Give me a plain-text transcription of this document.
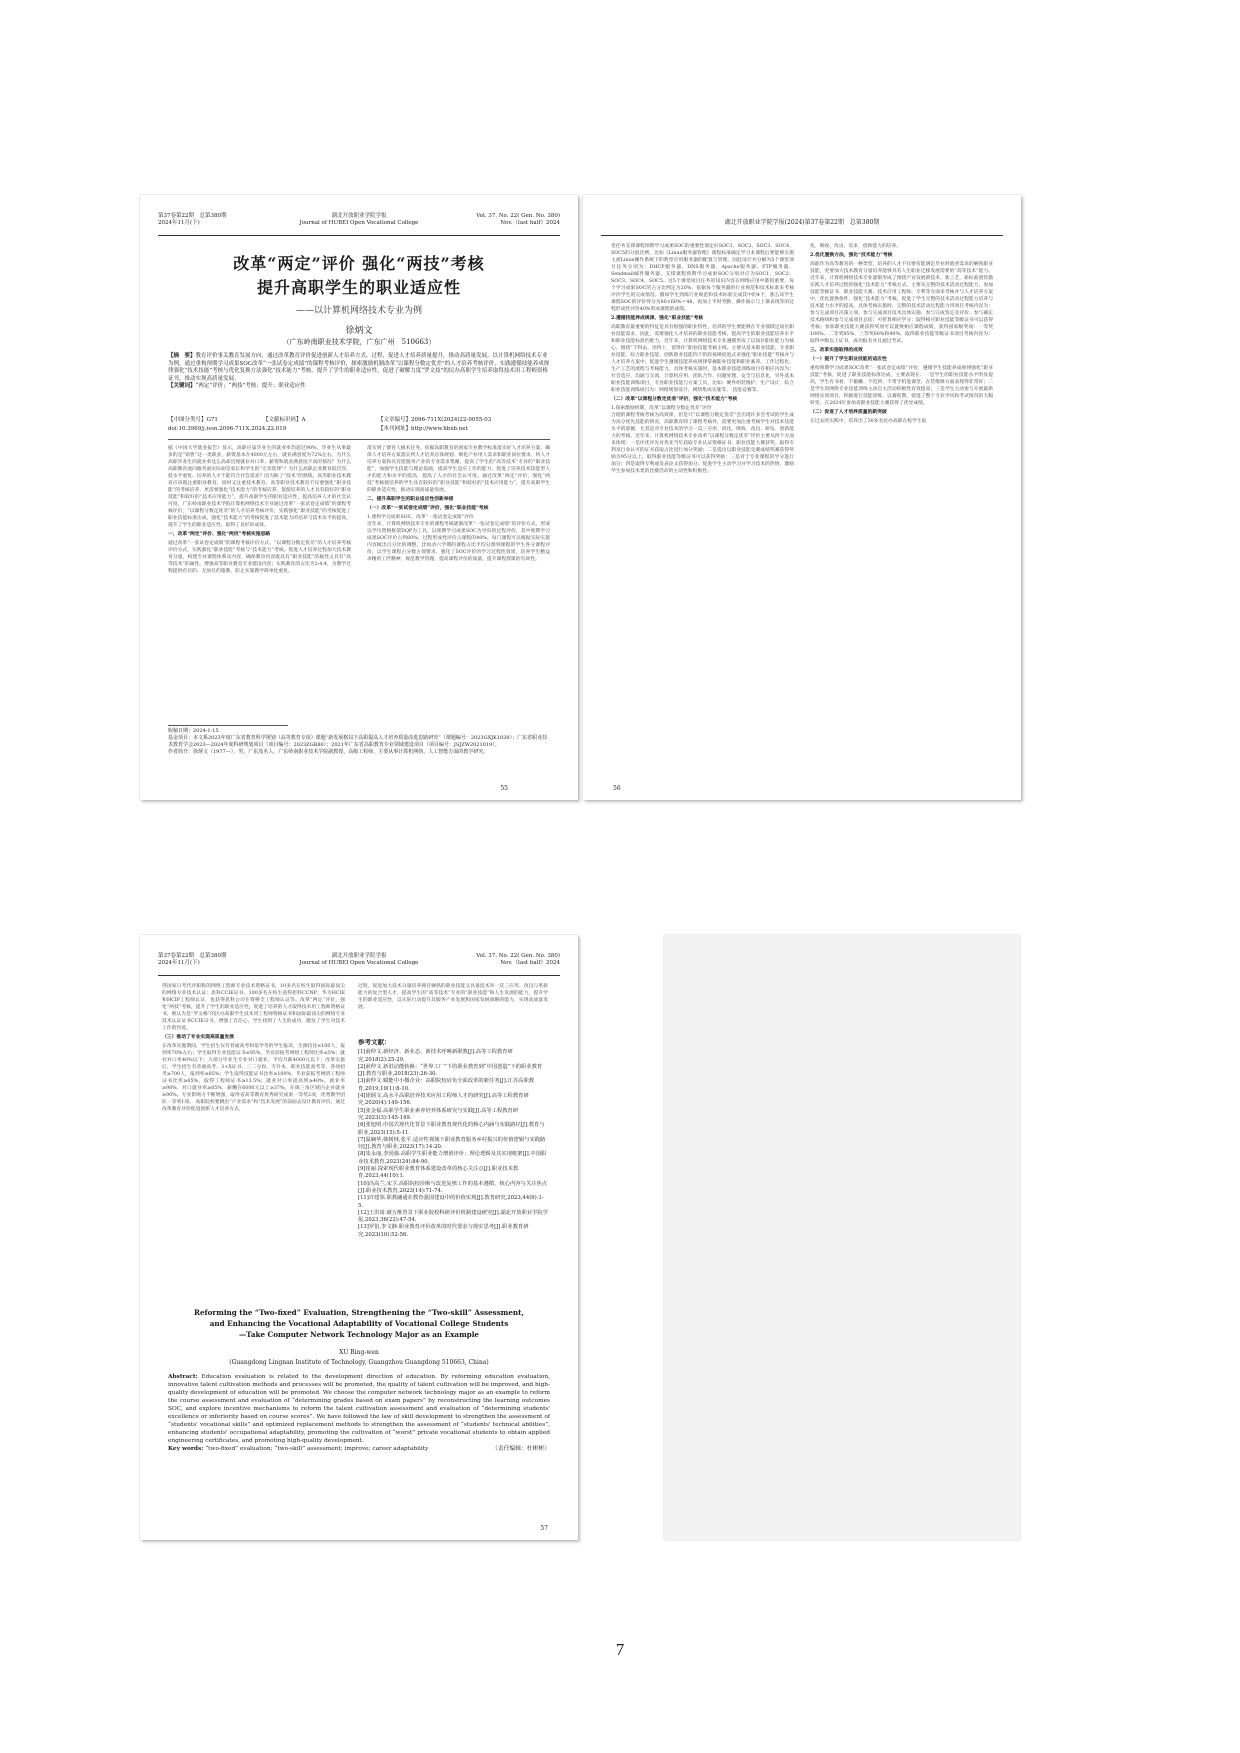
第37卷第22期　总第380期
2024年11月(下)
湖北开放职业学院学报
Journal of HUBEI Open Vocational College
Vol. 37. No. 22( Gen. No. 380)
Nov.（last half）2024
改革“两定”评价 强化“两技”考核
提升高职学生的职业适应性
——以计算机网络技术专业为例
徐炳文
（广东岭南职业技术学院，广东广州　510663）
【摘　要】教育评价事关教育发展方向，通过改革教育评价促进创新人才培养方式、过程，促进人才培养质量提升，推动高质量发展。以计算机网络技术专业为例，通过重构预期学习成果SOC改革“一张试卷定成绩”的课程考核评价，探索激励机制改革“以课程分数定优差”的人才培养考核评价，实践遵循技能养成规律强化“技术技能”考核与优化复换方法强化“技术能力”考核，提升了学生的职业适应性，促进了破解力度“罗文技”的民办高职学生培养取得技术用工程师资格证书，推动实现高质量发展。
【关键词】“两定”评价；“两技”考核；提升；职业适应性
【中图分类号】G71	【文献标识码】A	【文章编号】2096-711X(2024)22-0055-03
doi:10.3969/j.issn.2096-711X.2024.22.019	【本刊网址】http://www.hbxb.net
据《中国大学就业报告》显示，高职应届毕业生的就业率均超过90%，毕业生从事最多的是“销售”这一类职业，薪资基本在4000元左右，就业满意度为72%左右。为什么高职毕业生的就业率这么高却出现就业对口率、薪资和就业满意度不高的情况？为什么高职教育流向服务面实际却是家长和学生的“无奈选择”？为什么高职企业教育低层次、低水平重复、培养的人才不能符合社会需求？因为缺了“技术”的熟练，高等职业技术教育应该既注重职业教育，同时又注重技术教育。高等职业技术教育不仅要强化“职业技能”的考核培养，更需要强化“技术能力”的考核培养，促使培养的人才具有较好的“职业技能”和较好的“技术应用能力”，提升高职学生的职业适应性，提高培养人才的社会认可度。广东岭南职业技术学院计算机网络技术专业通过改革“一张试卷定成绩”的课程考核评价，“以课程分数定优差”的人才培养考核评价，实践强化“职业技能”的考核促进了职业技能标准达成，强化“技术能力”的考核促进了技术能力的培养与技术水平的提高，提升了学生的职业适应性，取得了良好的成效。
一、改革“两定”评价、强化“两技”考核实施思路
通过改革“一张试卷定成绩”的课程考核评价方式、“以课程分数定优差”的人才培养考核评价方式，实践强化“职业技能”考核与“技术能力”考核，促进人才培养过程加大技术教育分量，构建专业课程体系及内容，确保教育内容既具有“职业技能”的属性又具有“高等技术”的属性，增强高等职业教育专业建设内容；实践教育的占比为2:4:4，为教学过程提供有目的、无放任的施教，防止实施教学简单化重复。
落实到了德育人极术任务。依据高职教育的国家专业教学标准落实好人才培养方案，确保人才培养方案落实到人才培养总体规划、细化产业用人需求和职业岗位要求，将人才培养方案和具有能服务产业的专业需求集聚，提高了学生的“高等技术”专业的“职业技能”，加强学生技能与理论基础，提高学生适应工作的能力，促进了培养技术技能型人才的能力和水平的提高，提高了人才的社会认可度。通过改革“两定”评价，强化“两技”考核使培养的学生具有较好的“职业技能”和较好的“技术应用能力”，提升高职学生的职业适应性，推动实现高质量发展。
二、提升高职学生的职业适应性创新举措
（一）改革“一张试卷定成绩”评价，强化“职业技能”考核
1.重构学习成果SOC，改革“一张试卷定成绩”评价
近年来，计算机网络技术专业的课程考核逐渐改革“一张试卷定成绩”的评价方式，形成以学历资格框架DQP为工具，以预期学习成果SOC为导向的过程评价，其中预期学习成果SOC评价占到60%，过程形成性评价占课程的40%。每门课程可以根据实际实施内容做出百分比的调整，比如动六学期的课程占比平均分割到课程的学生各分课程评价，以学生课程占分数占领要求，强化了SOC评价的学习过程性效果，培养学生精益求精的工匠精神，规范教学管理，提高课程评价的质量，提升课程授课的有效性。
收稿日期：2024-1-15
基金项目：本文系2023年度广东省教育科学规划（高等教育专项）课题“新发展格局下高职提高人才培养质量改进思路研究”（课题编号：2023GXJK1038）；广东省职业技术教育学会2023—2024年度科研规划项目（项目编号：2023ZGB80）；2021年广东省高职教育专业领域建设项目（项目编号：JSJZW2021019）。
作者简介：徐炳文（1977—），男，广东茂名人，广东岭南职业技术学院副教授，高级工程师，主要从事计算机网络、人工智能方面的教学研究。
55
湖北开放职业学院学报(2024)第37卷第22期　总第380期
堂任务支撑课程预期学习成果SOC的重要性划定好SOC1、SOC2、SOC3、SOC4、SOC5的分值比例。比如《Linux服务器管理》课程标准确定学习本课程后要能够实施主流Linux操作系统下的典型应用服务器的配置与管理，因此设计并分解为5个课堂项目任务分别为：DHCP服务器、DNS服务器、Apache服务器、FTP服务器、Sendmail邮件服务器，支撑课程预期学习成果SOC分别对应为SOC1、SOC2、SOC3、SOC4、SOC5。这5个课堂项目任务的知识内容在网络应用中都很重要，每个学习成果SOC的占分比例定为20%，依据每个服务器的行业规范和技术标准来考核评价学生的完成情况。假如学生熟练行业规范和技术标准完成其中的4个，那么该学生课程SOC的评价得分为80×60%＝48，再加上平时考勤、操作演示与上课表现等的过程形成性评价40%形成课程的成绩。
2.遵循技能养成规律，强化“职业技能”考核
高职教育最重要的特征是具有很强的职业特性，培养的学生要能够在专业领域足岗位职业技能需求，因此，需要强化人才培养的职业技能考核，提高学生的职业技能培养水平和职业技能标准匹配力。近年来，计算机网络技术专业遵循形成了以岗位职业能力为核心，围绕“下得去、用得上、留得住”职业技能考核主线。主要从基本职业技能、专业职业技能、综合职业技能、创新职业技能四个阶段按梯度进式来强化“职业技能”考核并与人才培养方案中，促进学生遵循技能养成规律掌握职业技能和职业素养。工作过程化、生产工艺的流程与考核能力，具体考核实施时，基本职业技能训练项目有相应内容为：社会适应、沟通与交流、计算机应用、团队合作、问题处理、安全与信息化，另外基本职业技能训练项目，专业职业技能与方案工具，比如：硬件组装维护、生产设计，综合职业技能训练项目为：网络规划设计、网络集成实施等。 技能竞赛等。
（二）改革“以课程分数定优差”评价，强化“技术能力”考核
1.探索激励机制，改革“以课程分数定优差”评价
合理的课程考核考核为高效果，但是只“以课程分数定优差”会出现许多会考试的学生成为高分优先技能的情况，高职教育除了课程考核外，需要更加注重考核学生对技术技能水平的掌握，尤其是对专业技术的学习一反三应用、消化、吸收、改良、研发、创新能力的考核。近年来，计算机网络技术专业改革“以课程分数定优差”评价主要从四个方面来体现：一是评优评先对优先当年获取专业认证资格证书、职业技能大赛获奖、取得专利及行业认可的证书获取占比进行加分奖励；二是提出以职业技能竞赛成绩奖赛获得奖励为95分以上，取得职业技能等级证书可以获得奖励；三是对于专业课程的学分进行加分；四是取得专利或发表论文获得加分。促进学生主动学习并学习技术的热情，激励学生参加技术类的比赛活动的主动性和积极性。
化、吸收、改良、反求、创新能力的培养。
2.优化置换方法，强化“技术能力”考核
高职作为高等教育的一种类型，培养的人才不仅要有能满足毕业时就业需求的娴熟职业技能，更要加大技术教育分量培养能够具有人生职业迁移发展需要的“高等技术”能力。近年来，计算机网络技术专业逐渐形成了围绕产业发展新技术、新工艺、新标准置管激实践人才培养过程的强化“技术能力”考核方式。主要从完整的技术活动过程能力、参加技能等级证书、职业技能大赛、技术应用工程师、专利等方面来考核并与人才培养方案中，优化置换条件，强化“技术能力”考核，促进了学生完整的技术活动过程能力培养与技术能力水平的提高。具体考核实施时，完整的技术活动过程能力用项目考核内容为：参与完成项目决策立项、参与完成项目技术具体实施、参与完成鉴定及评价、参与确定技术路线和参与完成项目总结；可折算相应学分；取得相应职业技能等级证书可以获得考核；参加职业技能大赛获得奖项可以置换相应课程成绩，获得国家级奖项：一等奖100%、二等奖85%、三等奖60%和40%，取得职业技能等级证书项目考核内容为：取得中级以上证书，成功报名并且通过考试。
三、改革实施取得的成效
（一）提升了学生职业技能的适应性
重构预期学习成果SOC改革“一张试卷定成绩”评价，遵循学生技能养成规律强化“职业技能”考核，促进了职业技能标准达成，主要表现在：一是学生的职业技能水平明显提高，学生有书看、不偷懒、不迟到、不带手机进课堂、在装维修方面表现得非常好；二是学生的网络专业技能训练主动自主活动积极性有效提高；三是学生主动参与开展最新网络实训项目，积极进行技能训练，以赛促教，促进了整个专业学风和考试情况的大幅转变。在2024年参加省职业技能大赛获得了优异成绩。
（二）促进了人才培养质量的新突破
在过去的实践中，培养出了30多名民办高职在校学生取
56
第37卷第22期　总第380期
2024年11月(下)
湖北开放职业学院学报
Journal of HUBEI Open Vocational College
Vol. 37. No. 22( Gen. No. 380)
Nov.（last half）2024
得国家日考代评职称的网络工程师专业技术资格证书，10多名在校生取得国际最顶尖的网络专业技术认证：思科CCIE证书，100多名在校生获得思科CCNP、华为HCIE和HCIP工程师认证，也获得思科公司在资格全工程师认证等。改革“两定”评价，强化“两技”考核，提升了学生的职业适应性，促进了培养的人才取得技术用工程师资格证书，被认为是“罗文格”的民办高职学生技术用工程师资格证书和国际最顶尖的网络专业技术认证证书CCIE证书，增强了自信心，学生找到了人生的成功，激发了学生对技术工作的热爱。
（三）推动了专业实现高质量发展
在改革实施期间，学生招生仅有普通高考和依学考的学生报读，生源持比≤100人，报到率70%左右；学生取得专业技能证书≤95%，毕业前报考网络工程师比率≤5%；就业对口率40%以下；大部分毕业生专业对口就业，平均月薪4000元以下；改革实施后，学生招生有普通高考、3+X证书、三二分段、专升本、职业技能高考等，各项招考≥700人，报到率≥85%；学生取得技能证书比率≥100%，毕业前报考网络工程师证书比率≥65%，取得工程师证书≥13.5%；就业对口率提高到≥40%，就业率≥98%，对口就业率≥85%，薪酬在6000元以上≥37%，在珠三角区域内企业就业≥90%。专业影响力不断增强，取得省高等教育优秀研究成果一等奖2项，优秀教学团队一等奖1项。 高职院校要跳出“产业需求”和“技术发展”的前面去设计教育评价，通过改革教育评价促进创新人才培养方式、
过程，促进加大技术分量培养拥有娴熟的职业技能又具备技术举一反三应用、改良与革新能力的复合型人才，提高学生的“高等技术”专业的“职业技能”和人生发展的能力，提升学生的职业适应性，以实际行动提升其服务产业发展和国家发展战略的能力，实现高质量发展。
参考文献：
[1]俞仲文.新经济、新业态、新技术呼唤新职教[J].高等工程教育研究,2018(2):25-29.
[2]俞仲文.新旧动能转换：“世界工厂”下的职业教育到“中国创造”下的职业教育[J].教育与职业,2018(23):26-30.
[3]俞仲文.赋能中小微企业：高职院校肩负全面改革的新任务[J].江苏高职教育,2019,19(1):8-10.
[4]徐炳文.高水平高职培养技术应用工程师人才的研究[J].高等工程教育研究,2020(4):149-156.
[5]张金福.高职学生职业素养培养体系研究与实践[J].高等工程教育研究,2023(3):145-149.
[6]张旭明.中国式现代化背景下职业教育现代化的核心内涵与实践路径[J].教育与职业,2023(15):5-11.
[7]温娴华,韩树林,张平.适应性视域下职业教育服务乡村振兴的价值逻辑与实践路径[J].教育与职业,2023(17):14-20.
[8]朱永丽,李国强.高职学生职业能力增值评价：理论逻辑及其实现框架[J].中国职业技术教育,2023(24):84-90.
[9]崔丽.探索现代职业教育体系建设改革的核心关注点[J].职业技术教育,2023,44(10):1.
[10]冯高兰,宋卫.高职院校诊断与改进复核工作的基本遵循、核心内容与关注焦点[J].职业技术教育,2023(14):71-74.
[11]许建领.职教融通在教育强国建设中的价值实现[J].教育研究,2023,44(6):1-5.
[12]王洪琦.破五唯背景下职业院校科研评价机制建设研究[J].湖北开放职业学院学报,2023,36(22):47-54.
[13]罗伯,李文静.职业教育评价改革的时代要求与现实思考[J].职业教育研究,2023(10):52-56.
Reforming the “Two-fixed” Evaluation, Strengthening the “Two-skill” Assessment,
and Enhancing the Vocational Adaptability of Vocational College Students
—Take Computer Network Technology Major as an Example
XU Bing-wen
(Guangdong Lingnan Institute of Technology, Guangzhou Guangdong 510663, China)
Abstract: Education evaluation is related to the development direction of education. By reforming education evaluation, innovative talent cultivation methods and processes will be promoted, the quality of talent cultivation will be improved, and high-quality development of education will be promoted. We choose the computer network technology major as an example to reform the course assessment and evaluation of “determining grades based on exam papers” by reconstructing the learning outcomes SOC, and explore incentive mechanisms to reform the talent cultivation assessment and evaluation of “determining students' excellence or inferiority based on course scores”. We have followed the law of skill development to strengthen the assessment of “students' vocational skills” and optimized replacement methods to strengthen the assessment of “students' technical abilities”, enhancing students' occupational adaptability, promoting the cultivation of “worst” private vocational students to obtain applied engineering certificates, and promoting high-quality development.
Key words: “two-fixed” evaluation; “two-skill” assessment; improve; career adaptability	（责任编辑：杜彬彬）
57
7
